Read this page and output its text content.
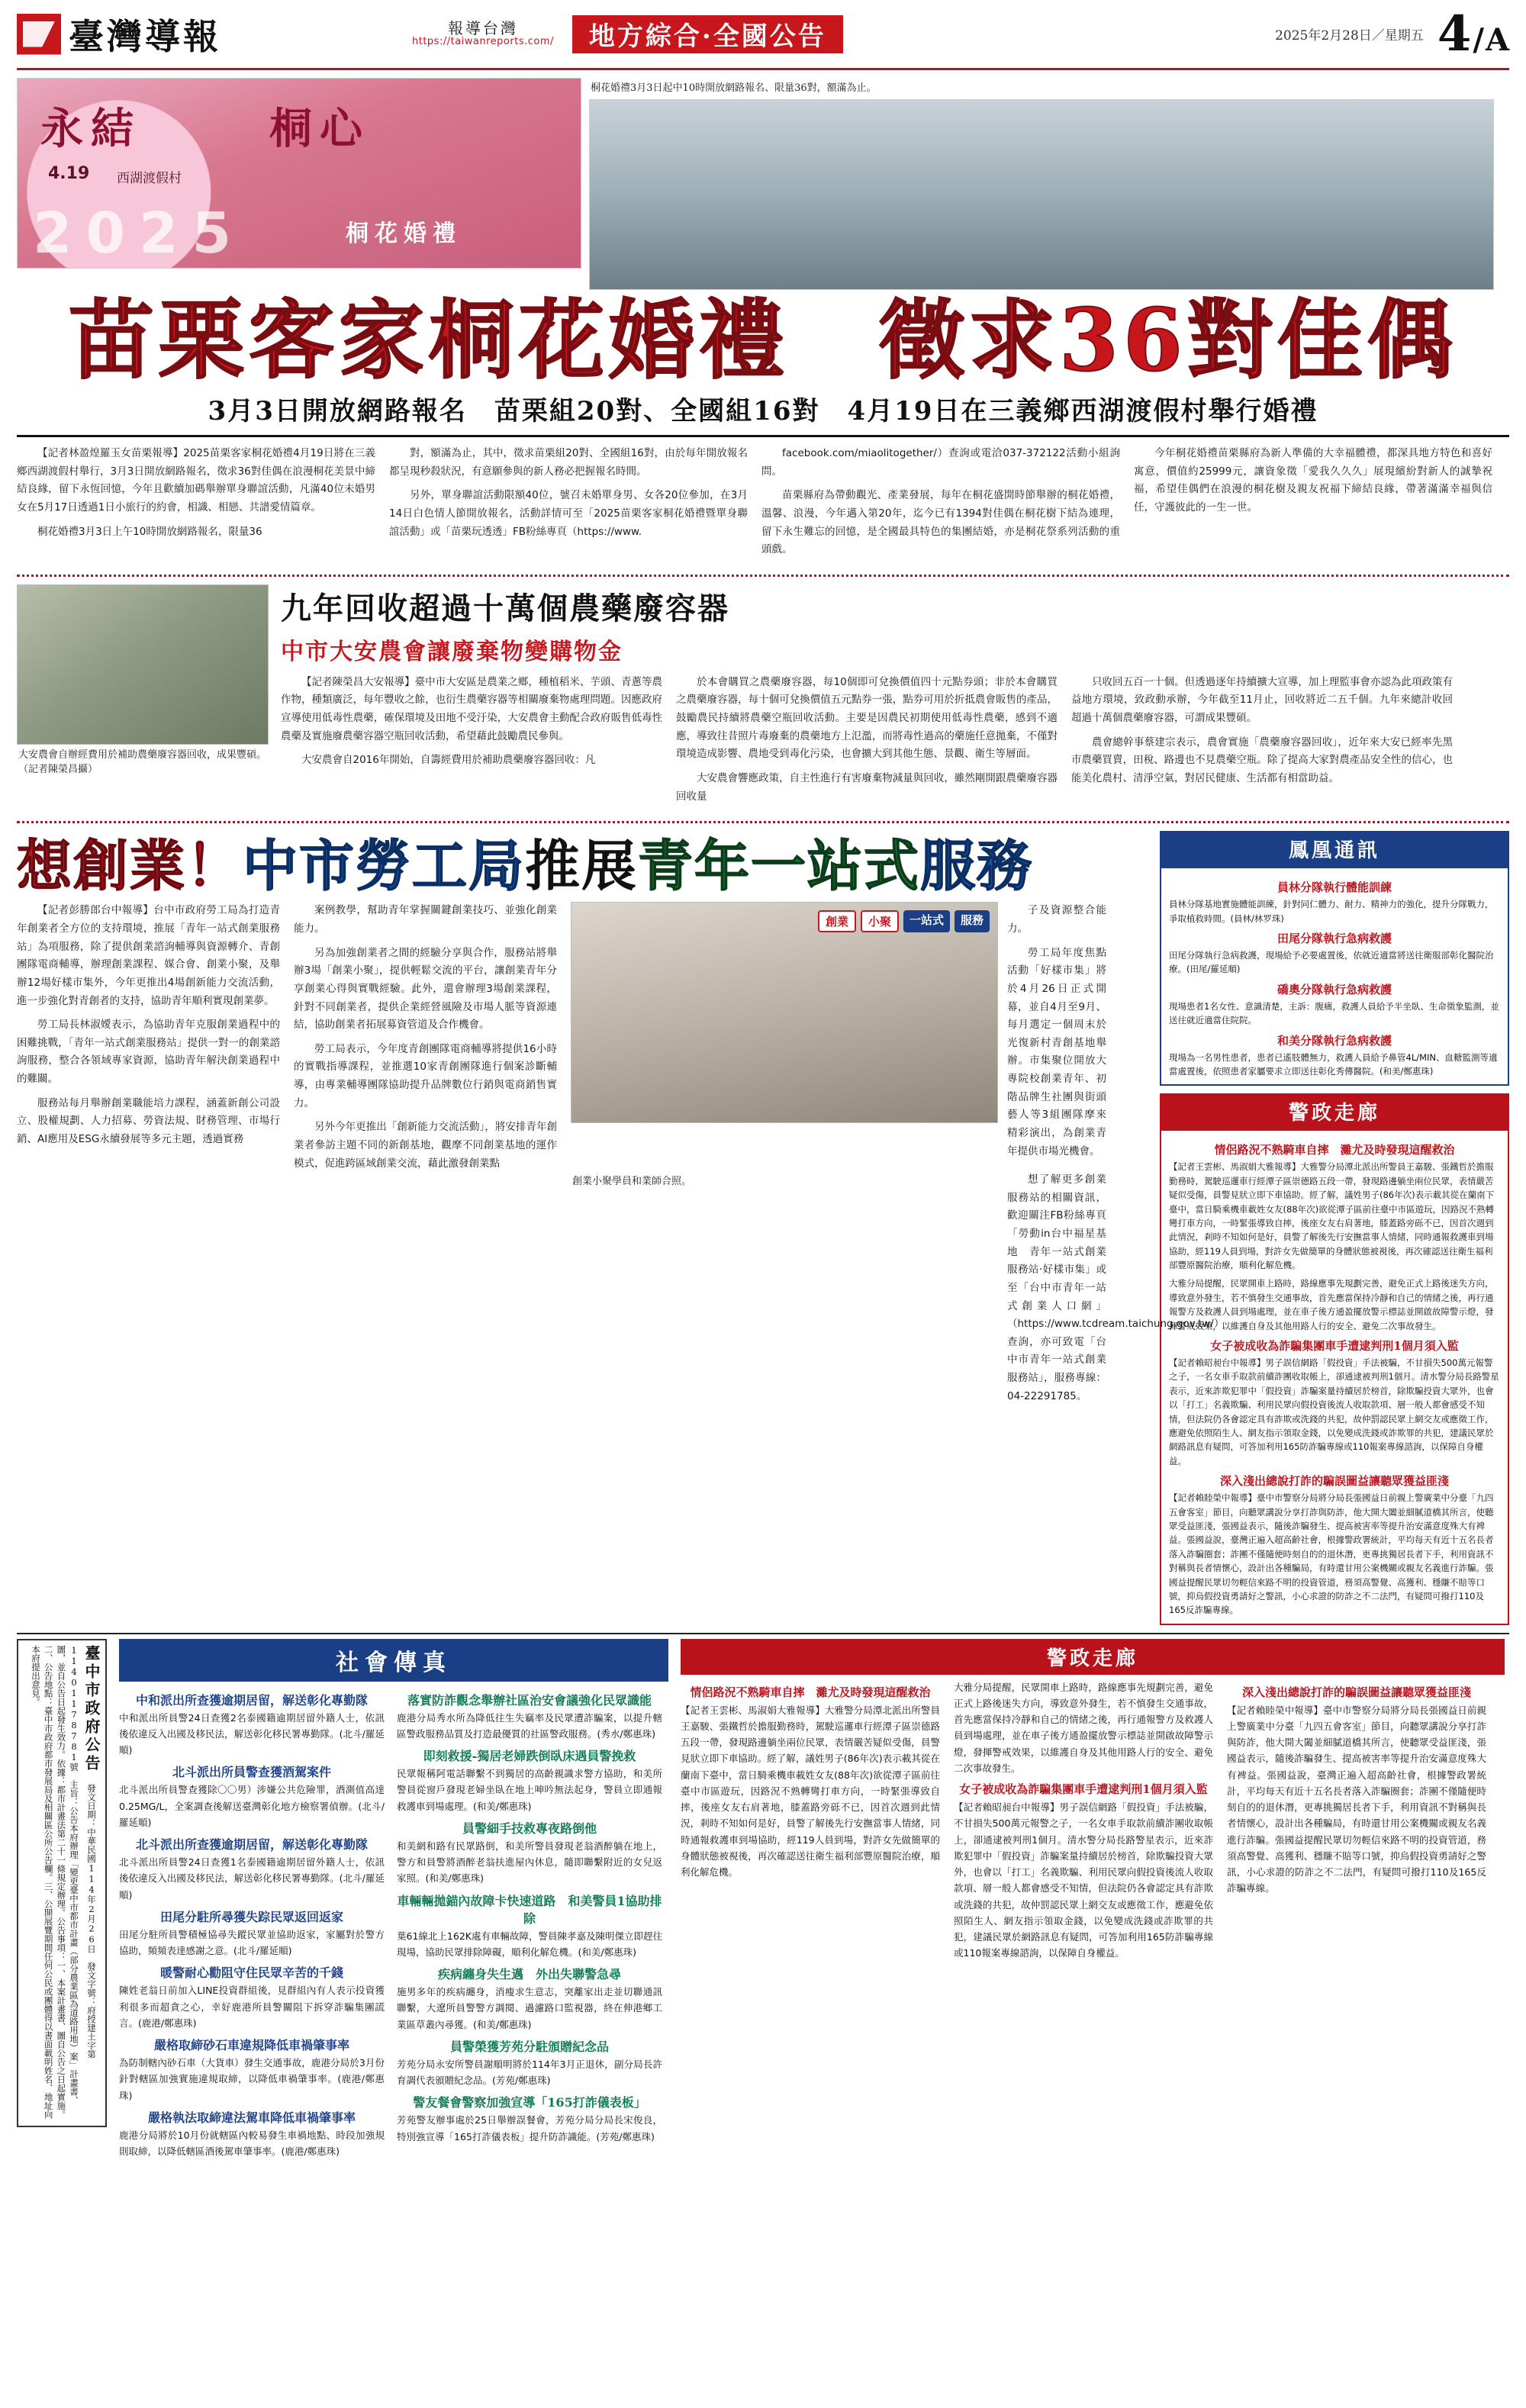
臺灣導報	報導台灣
https://taiwanreports.com/	地方綜合·全國公告	2025年2月28日／星期五 4 / A
永結	桐心
4.19 西湖渡假村
2025	桐花婚禮
桐花婚禮3月3日起中10時開放網路報名、限量36對，額滿為止。
苗栗客家桐花婚禮　徵求36對佳偶
3月3日開放網路報名　苗栗組20對、全國組16對　4月19日在三義鄉西湖渡假村舉行婚禮

【記者林盈煌羅玉女苗栗報導】2025苗栗客家桐花婚禮4月19日將在三義鄉西湖渡假村舉行，3月3日開放網路報名，徵求36對佳偶在浪漫桐花美景中締結良緣，留下永恆回憶，今年且歡續加碼舉辦單身聯誼活動，凡滿40位未婚男女在5月17日透過1日小旅行的約會，相識、相戀、共譜愛情篇章。

桐花婚禮3月3日上午10時開放網路報名，限量36

對，額滿為止，其中，徵求苗栗組20對、全國組16對，由於每年開放報名都呈現秒殺狀況，有意願參與的新人務必把握報名時間。

另外，單身聯誼活動限額40位，號召未婚單身男、女各20位參加，在3月14日白色情人節開放報名，活動詳情可至「2025苗栗客家桐花婚禮暨單身聯誼活動」或「苗栗玩透透」FB粉絲專頁（https://www.

facebook.com/miaolitogether/）查詢或電洽037-372122活動小組詢問。

苗栗縣府為帶動觀光、產業發展，每年在桐花盛開時節舉辦的桐花婚禮，溫馨、浪漫，今年邁入第20年，迄今已有1394對佳偶在桐花樹下結為連理，留下永生難忘的回憶，是全國最具特色的集團結婚，亦是桐花祭系列活動的重頭戲。

今年桐花婚禮苗栗縣府為新人準備的大幸福體禮，都深具地方特色和喜好寓意，價值約25999元，讓資象徵「愛我久久久」展現繽紛對新人的誠摯祝福，希望佳偶們在浪漫的桐花樹及親友祝福下締結良緣，帶著滿滿幸福與信任，守護彼此的一生一世。

大安農會自辦經費用於補助農藥廢容器回收，成果豐碩。（記者陳榮昌攝）
九年回收超過十萬個農藥廢容器
中市大安農會讓廢棄物變購物金

【記者陳榮昌大安報導】臺中市大安區是農業之鄉，種植稻米、芋頭、青蔥等農作物，種類廣泛，每年豐收之餘，也衍生農藥容器等相關廢棄物處理問題。因應政府宣導使用低毒性農藥，確保環境及田地不受汙染，大安農會主動配合政府販售低毒性農藥及實施廢農藥容器空瓶回收活動，希望藉此鼓勵農民參與。

大安農會自2016年開始，自籌經費用於補助農藥廢容器回收：凡

於本會購買之農藥廢容器，每10個即可兌換價值四十元點券頭；非於本會購買之農藥廢容器，每十個可兌換價值五元點券一張，點券可用於折抵農會販售的產品，鼓勵農民持續將農藥空瓶回收活動。主要是因農民初期使用低毒性農藥，感到不適應，導致往昔照片毒廢棄的農藥地方上氾濫，而將毒性過高的藥施任意拋棄，不僅對環境造成影響、農地受到毒化污染，也會擴大到其他生態、景觀、衛生等層面。

大安農會響應政策，自主性進行有害廢棄物減量與回收，雖然剛開跟農藥廢容器回收量

只收回五百一十個。但透過逐年持續擴大宣導，加上理監事會亦認為此項政策有益地方環境，致政動承辦，今年截至11月止，回收將近二五千個。九年來總計收回超過十萬個農藥廢容器，可謂成果豐碩。

農會總幹事蔡建宗表示，農會實施「農藥廢容器回收」，近年來大安已經率先黑市農藥買賣，田稅、路邊也不見農藥空瓶。除了提高大家對農產品安全性的信心，也能美化農村、清淨空氣，對居民健康、生活都有相當助益。

想創業！中市勞工局推展青年一站式服務

【記者彭勝郎台中報導】台中市政府勞工局為打造青年創業者全方位的支持環境，推展「青年一站式創業服務站」為項服務，除了提供創業諮詢輔導與資源轉介、青創團隊電商輔導，辦理創業課程、媒合會、創業小聚，及舉辦12場好樣市集外，今年更推出4場創新能力交流活動，進一步強化對青創者的支持，協助青年順利實現創業夢。

勞工局長林淑嬡表示，為協助青年克服創業過程中的困難挑戰，「青年一站式創業服務站」提供一對一的創業諮詢服務，整合各領域專家資源，協助青年解決創業過程中的難關。

服務站每月舉辦創業職能培力課程，涵蓋新創公司設立、股權規劃、人力招募、勞資法規、財務管理、市場行銷、AI應用及ESG永續發展等多元主題，透過實務

案例教學，幫助青年掌握關鍵創業技巧、並強化創業能力。

另為加強創業者之間的經驗分享與合作，服務站將舉辦3場「創業小聚」，提供輕鬆交流的平台，讓創業青年分享創業心得與實戰經驗。此外，還會辦理3場創業課程，針對不同創業者，提供企業經營風險及市場人脈等資源連結，協助創業者拓展募資管道及合作機會。

勞工局表示，今年度青創團隊電商輔導將提供16小時的實戰指導課程，並推選10家青創團隊進行個案診斷輔導，由專業輔導團隊協助提升品牌數位行銷與電商銷售實力。

另外今年更推出「創新能力交流活動」，將安排青年創業者參訪主題不同的新創基地，觀摩不同創業基地的運作模式，促進跨區域創業交流，藉此激發創業點

創業	小聚	一站式	服務

子及資源整合能力。

勞工局年度焦點活動「好樣市集」將於4月26日正式開幕，並自4月至9月、每月選定一個周末於光復新村青創基地舉辦。市集聚位開放大專院校創業青年、初階品牌生社團與街頭藝人等3組團隊摩來精彩演出，為創業青年提供市場光機會。

創業小聚學員和業師合照。	想了解更多創業服務站的相關資訊，歡迎關注FB粉絲專頁「勞動in台中福星基地　青年一站式創業服務站·好樣市集」或至「台中市青年一站式創業人口網」（https://www.tcdream.taichung.gov.tw/）查詢，亦可致電「台中市青年一站式創業服務站」，服務專線：04-22291785。

鳳凰通訊
員林分隊執行體能訓練
員林分隊基地實施體能訓練，針對同仁體力、耐力、精神力的強化，提升分隊戰力，爭取植救時間。(員林/林罗珠)
田尾分隊執行急病救護
田尾分隊執行急病救護，現場給予必要處置後，依就近適當將送往衛服部彰化醫院治療。(田尾/羅延順)
礄奧分隊執行急病救護
現場患者1名女性、意識清楚，主訴：腹痛，救護人員給予半坐臥、生命徵象監測，並送往就近適當住院院。
和美分隊執行急病救護
現場為一名男性患者，患者已遙肢體無力，救護人員給予鼻管4L/MIN、血糖監測等適當處置後，依照患者家屬要求立即送往彰化秀傳醫院。(和美/鄭惠珠)
警政走廊
情侶路況不熟騎車自摔　灘尤及時發現這醒救治
【記者王雲彬、馬淑娟大雅報導】大雅警分局潭北派出所警員王嘉駿、張鐵哲於擔服勤務時，駕駛巡邏車行經潭子區崇德路五段一帶，發現路邊躺坐兩位民眾，表情嚴苦疑似受傷，員警見狀立即下車協助。經了解，議姓男子(86年次)表示載其從在蘭南下臺中，當日騎乘機車載姓女友(88年次)欲從潭子區前往臺中市區遊玩，因路況不熟轉彎打車方向，一時緊張導致自摔，後座女友右肩著地，膝蓋路旁砾不已，因首次週到此情況，剎時不知如何是好，員警了解後先行安撫當事人情緒，同時通報救護車到場協助，經119人員到場，對許女先做簡單的身體狀態被視後，再次確認送往衛生福利部豐原醫院治療，順利化解危機。
大雅分局提醒，民眾開車上路時，路線應事先規劃完善，避免正式上路後迷失方向，導致意外發生，若不慎發生交通事故，首先應當保持冷靜和自己的情緒之後，再行通報警方及救護人員到場處理，並在車子後方通盈擺放警示標誌並開啟故障警示燈，發揮警戒效果，以維護自身及其他用路人行的安全、避免二次事故發生。
女子被成收為詐騙集團車手遭逮判刑1個月須入監
【記者賴昭昶台中報導】男子誤信網路「假投資」手法被騙，不甘損失500萬元報警之子，一名女車手取款前續詐團收取帳上，卻通逮被判刑1個月。清水警分局長路警星表示，近來詐欺犯罪中「假投資」詐騙案量持續居於榜首，除欺騙投資大眾外，也會以「打工」名義欺騙、利用民眾向假投資後流人收取款項、層一般人都會感受不知情，但法院仍各會認定具有詐欺或洗錢的共犯，故仲罰認民眾上網交友或應徵工作，應避免依照陌生人、網友指示領取金錢，以免變成洗錢或詐欺罪的共犯，建議民眾於網路訊息有疑問，可答加利用165防詐騙專線或110報案專線諮詢，以保障自身權益。
深入淺出總說打詐的騙誤圖益讓聽眾獲益匪淺
【記者賴睦榮中報導】臺中市警察分局將分局長張國益日前親上警廣業中分臺「九四五會客室」節目，向聽眾講說分享打詐與防詐，他大開大闔並細膩道橋其所言，使聽眾受益匪淺，張國益表示，隨後詐騙發生、提高被害率等提升治安滿意度殊大有裨益。張國益說，臺灣正遍入超高齡社會，根據警政署統計，平均每天有近十五名長者落入詐騙圈套；詐團不僅隨便時刻自的的退休潛，更專挑獨居長者下手，利用資訊不對稱與長者情懷心，設計出各種騙局，有時還甘用公案機關或親友名義進行詐騙。張國益提醒民眾切勿輕信來路不明的投資管道，務須高警覺、高獲利、穩賺不賠等口號，抑烏假投資勇請好之警訊，小心求證的防詐之不二法門，有疑問可撥打110及165反詐騙專線。
臺中市政府公告 發文日期：中華民國114年2月26日　發文字號：府授建土字第11401178781號　主旨：公告本府辦理「變更臺中市都市計畫（部分農業區為道路用地）案」計畫書、圖，並自公告日起發生效力。依據：都市計畫法第二十一條規定辦理。公告事項：一、本案計畫書、圖自公告之日起實施。二、公告地點：臺中市政府都市發展局及相關區公所公告欄。三、公開展覽期間任何公民或團體得以書面載明姓名、地址向本府提出意見。	社會傳真
中和派出所查獲逾期居留，解送彰化專勤隊
中和派出所員警24日查獲2名泰國籍逾期居留外籍人士，依訊後依違反入出國及移民法，解送彰化移民署專勤隊。(北斗/羅延順)
北斗派出所員警查獲酒駕案件
北斗派出所員警查獲除〇〇男）涉嫌公共危險罪，酒測值高達0.25MG/L，全案調查後解送臺灣彰化地方檢察署偵辦。(北斗/羅延順)
北斗派出所查獲逾期居留，解送彰化專勤隊
北斗派出所員警24日查獲1名泰國籍逾期居留外籍人士，依訊後依違反入出國及移民法，解送彰化移民署專勤隊。(北斗/羅延順)
田尾分駐所尋獲失踪民眾返回返家
田尾分駐所員警積極協尋失蹤民眾並協助返家，家屬對於警方協助，頻頻表達感謝之意。(北斗/羅延順)
暖警耐心勸阻守住民眾辛苦的千錢
陳姓老翁日前加入LINE投資群組後，見群組內有人表示投資獲利很多而超貪之心，幸好鹿港所員警關阻下拆穿詐騙集團謊言。(鹿港/鄭惠珠)
嚴格取締砂石車違規降低車禍肇事率
為防制轄內砂石車（大貨車）發生交通事故，鹿港分局於3月份針對轄區加強實施違規取締，以降低車禍肇事率。(鹿港/鄭惠珠)
嚴格執法取締違法駕車降低車禍肇事率
鹿港分局將於10月份就轄區內較易發生車禍地點、時段加強規則取締，以降低轄區酒後駕車肇事率。(鹿港/鄭惠珠)
落實防詐觀念舉辦社區治安會議強化民眾識能
鹿港分局秀水所為降低往生失竊率及民眾遭詐騙案，以提升轄區警政服務品質及打造最優質的社區警政服務。(秀水/鄭惠珠)
即刻救援-獨居老婦跌倒臥床遇員警挽救
民眾報稱阿電話聯繫不到獨居的高齡親識求警方協助，和美所警員從窗戶發現老婦坐臥在地上呻吟無法起身，警員立即通報救護車到場處理。(和美/鄭惠珠)
員警細手技救專夜路倒他
和美網和路有民眾路倒，和美所警員發現老翁酒醉躺在地上，警方和員警將酒醉老翁扶進屋內休息，隨即聯繫附近的女兒返家照。(和美/鄭惠珠)
車輛輛拋錨內故障卡快速道路　和美警員1協助排除
葉61線北上162K處有車輛故障，警員陳孝嘉及陳明傑立即趕往現場，協助民眾排除障礙，順利化解危機。(和美/鄭惠珠)
疾病纏身失生邁　外出失聯警急尋
施男多年的疾病纏身，消瘦求生意志，突離家出走並切聯通訊聯繫，大遼所員警警方調閱、過濾路口監視器，終在伸港鄉工業區草叢內尋獲。(和美/鄭惠珠)
員警榮獲芳苑分駐頒贈紀念品
芳苑分局永安所警員謝順明將於114年3月正退休，副分局長許育調代表頒贈紀念品。(芳苑/鄭惠珠)
警友餐會警察加強宣導「165打詐儀表板」
芳苑警友辦事處於25日舉辦誤餐會，芳苑分局分局長宋俊良，特別強宣導「165打詐儀表板」提升防詐識能。(芳苑/鄭惠珠)
警政走廊
情侶路況不熟騎車自摔　灘尤及時發現這醒救治
【記者王雲彬、馬淑娟大雅報導】大雅警分局潭北派出所警員王嘉駿、張鐵哲於擔服勤務時，駕駛巡邏車行經潭子區崇德路五段一帶，發現路邊躺坐兩位民眾，表情嚴苦疑似受傷，員警見狀立即下車協助。經了解，議姓男子(86年次)表示載其從在蘭南下臺中，當日騎乘機車載姓女友(88年次)欲從潭子區前往臺中市區遊玩，因路況不熟轉彎打車方向，一時緊張導致自摔，後座女友右肩著地，膝蓋路旁砾不已，因首次週到此情況，剎時不知如何是好，員警了解後先行安撫當事人情緒，同時通報救護車到場協助，經119人員到場，對許女先做簡單的身體狀態被視後，再次確認送往衛生福利部豐原醫院治療，順利化解危機。
大雅分局提醒，民眾開車上路時，路線應事先規劃完善，避免正式上路後迷失方向，導致意外發生，若不慎發生交通事故，首先應當保持冷靜和自己的情緒之後，再行通報警方及救護人員到場處理，並在車子後方通盈擺放警示標誌並開啟故障警示燈，發揮警戒效果，以維護自身及其他用路人行的安全、避免二次事故發生。
女子被成收為詐騙集團車手遭逮判刑1個月須入監
【記者賴昭昶台中報導】男子誤信網路「假投資」手法被騙，不甘損失500萬元報警之子，一名女車手取款前續詐團收取帳上，卻通逮被判刑1個月。清水警分局長路警星表示，近來詐欺犯罪中「假投資」詐騙案量持續居於榜首，除欺騙投資大眾外，也會以「打工」名義欺騙、利用民眾向假投資後流人收取款項、層一般人都會感受不知情，但法院仍各會認定具有詐欺或洗錢的共犯，故仲罰認民眾上網交友或應徵工作，應避免依照陌生人、網友指示領取金錢，以免變成洗錢或詐欺罪的共犯，建議民眾於網路訊息有疑問，可答加利用165防詐騙專線或110報案專線諮詢，以保障自身權益。
深入淺出總說打詐的騙誤圖益讓聽眾獲益匪淺
【記者賴睦榮中報導】臺中市警察分局將分局長張國益日前親上警廣業中分臺「九四五會客室」節目，向聽眾講說分享打詐與防詐，他大開大闔並細膩道橋其所言，使聽眾受益匪淺，張國益表示，隨後詐騙發生、提高被害率等提升治安滿意度殊大有裨益。張國益說，臺灣正遍入超高齡社會，根據警政署統計，平均每天有近十五名長者落入詐騙圈套；詐團不僅隨便時刻自的的退休潛，更專挑獨居長者下手，利用資訊不對稱與長者情懷心，設計出各種騙局，有時還甘用公案機關或親友名義進行詐騙。張國益提醒民眾切勿輕信來路不明的投資管道，務須高警覺、高獲利、穩賺不賠等口號，抑烏假投資勇請好之警訊，小心求證的防詐之不二法門，有疑問可撥打110及165反詐騙專線。
